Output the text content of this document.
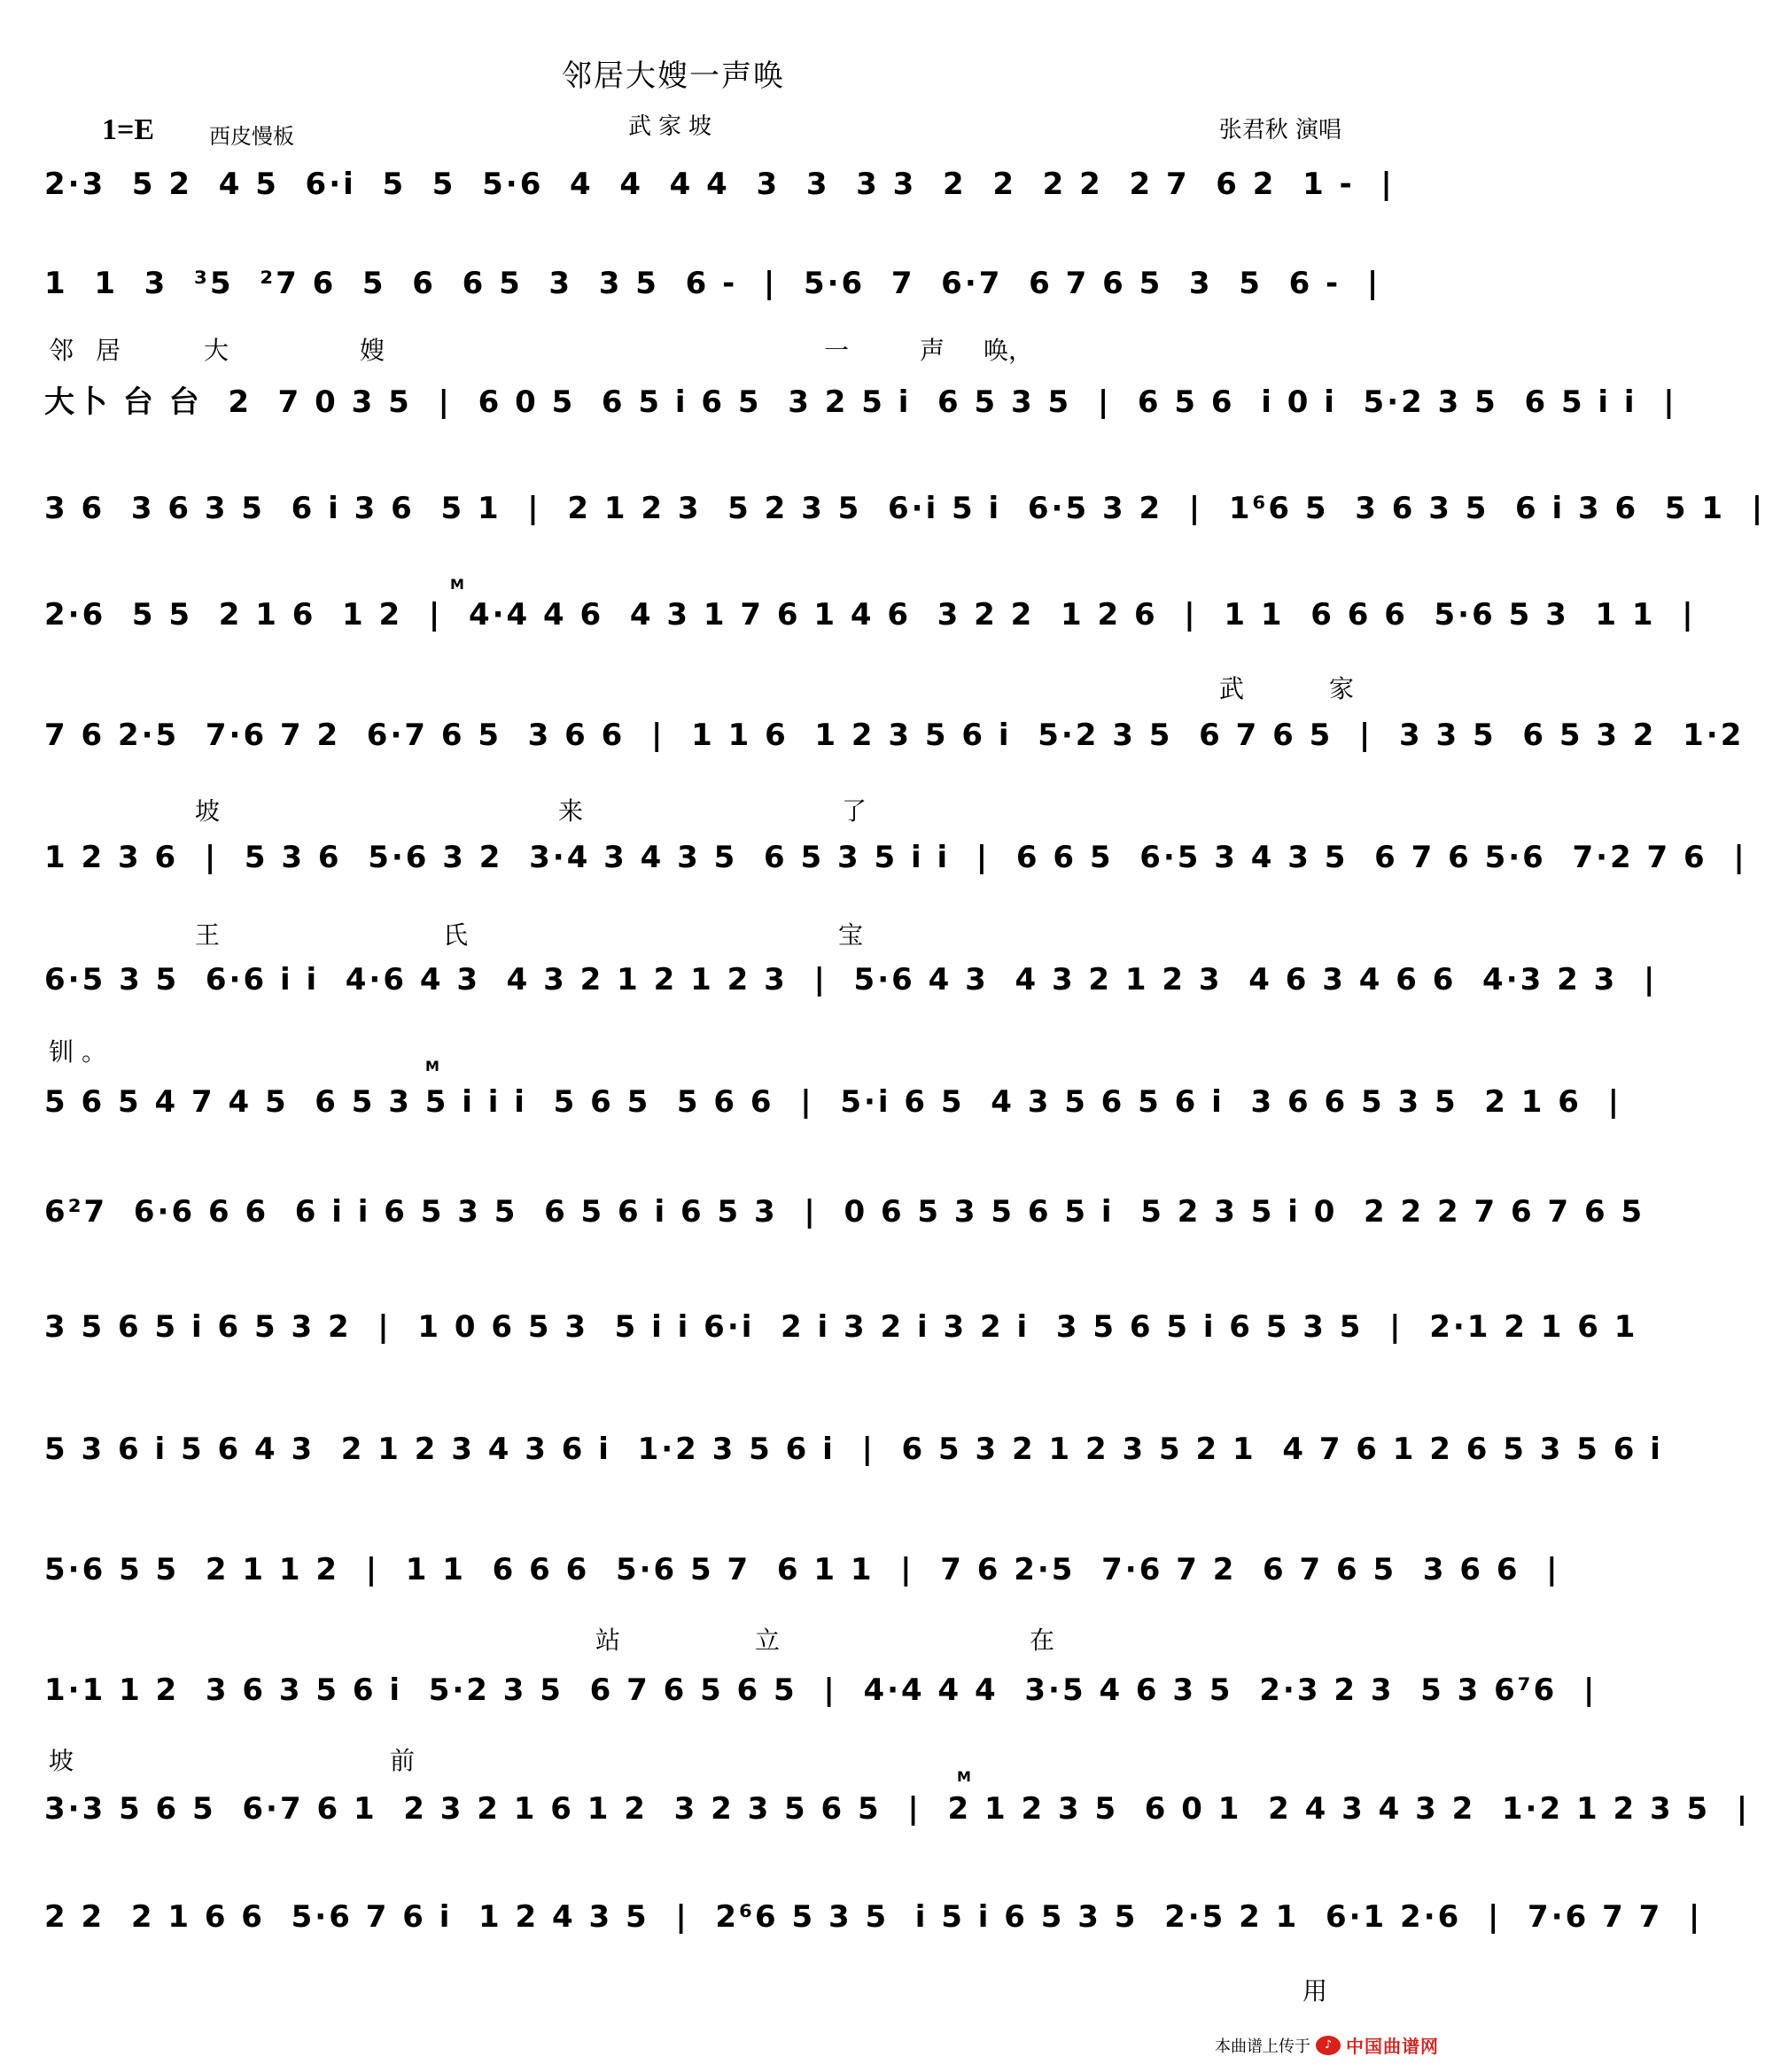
邻居大嫂一声唤
1=E	西皮慢板	武家坡	张君秋 演唱
2·3  5 2  4 5  6·i  5  5  5·6  4  4  4 4  3  3  3 3  2  2  2 2  2 7  6 2  1 -  |
1  1  3  ³5  ²7 6  5  6  6 5  3  3 5  6 -  |  5·6  7  6·7  6 7 6 5  3  5  6 -  |
邻 居	大	嫂	一	声 唤，
大卜 台 台  2  7 0 3 5  |  6 0 5  6 5 i 6 5  3 2 5 i  6 5 3 5  |  6 5 6  i 0 i  5·2 3 5  6 5 i i  |
3 6  3 6 3 5  6 i 3 6  5 1  |  2 1 2 3  5 2 3 5  6·i 5 i  6·5 3 2  |  1⁶6 5  3 6 3 5  6 i 3 6  5 1  |
2·6  5 5  2 1 6  1 2  |  4·4 4 6  4 3 1 7 6 1 4 6  3 2 2  1 2 6  |  1 1  6 6 6  5·6 5 3  1 1  |
武	家
7 6 2·5  7·6 7 2  6·7 6 5  3 6 6  |  1 1 6  1 2 3 5 6 i  5·2 3 5  6 7 6 5  |  3 3 5  6 5 3 2  1·2
坡	来	了
1 2 3 6  |  5 3 6  5·6 3 2  3·4 3 4 3 5  6 5 3 5 i i  |  6 6 5  6·5 3 4 3 5  6 7 6 5·6  7·2 7 6  |
王	氏	宝
6·5 3 5  6·6 i i  4·6 4 3  4 3 2 1 2 1 2 3  |  5·6 4 3  4 3 2 1 2 3  4 6 3 4 6 6  4·3 2 3  |
钏 。
5 6 5 4 7 4 5  6 5 3 5 i i i  5 6 5  5 6 6  |  5·i 6 5  4 3 5 6 5 6 i  3 6 6 5 3 5  2 1 6  |
6²7  6·6 6 6  6 i i 6 5 3 5  6 5 6 i 6 5 3  |  0 6 5 3 5 6 5 i  5 2 3 5 i 0  2 2 2 7 6 7 6 5
3 5 6 5 i 6 5 3 2  |  1 0 6 5 3  5 i i 6·i  2 i 3 2 i 3 2 i  3 5 6 5 i 6 5 3 5  |  2·1 2 1 6 1
5 3 6 i 5 6 4 3  2 1 2 3 4 3 6 i  1·2 3 5 6 i  |  6 5 3 2 1 2 3 5 2 1  4 7 6 1 2 6 5 3 5 6 i
5·6 5 5  2 1 1 2  |  1 1  6 6 6  5·6 5 7  6 1 1  |  7 6 2·5  7·6 7 2  6 7 6 5  3 6 6  |
站	立	在
1·1 1 2  3 6 3 5 6 i  5·2 3 5  6 7 6 5 6 5  |  4·4 4 4  3·5 4 6 3 5  2·3 2 3  5 3 6⁷6  |
坡	前
3·3 5 6 5  6·7 6 1  2 3 2 1 6 1 2  3 2 3 5 6 5  |  2 1 2 3 5  6 0 1  2 4 3 4 3 2  1·2 1 2 3 5  |
2 2  2 1 6 6  5·6 7 6 i  1 2 4 3 5  |  2⁶6 5 3 5  i 5 i 6 5 3 5  2·5 2 1  6·1 2·6  |  7·6 7 7  |
用
M
M
M
本曲谱上传于	♪ 中国曲谱网
